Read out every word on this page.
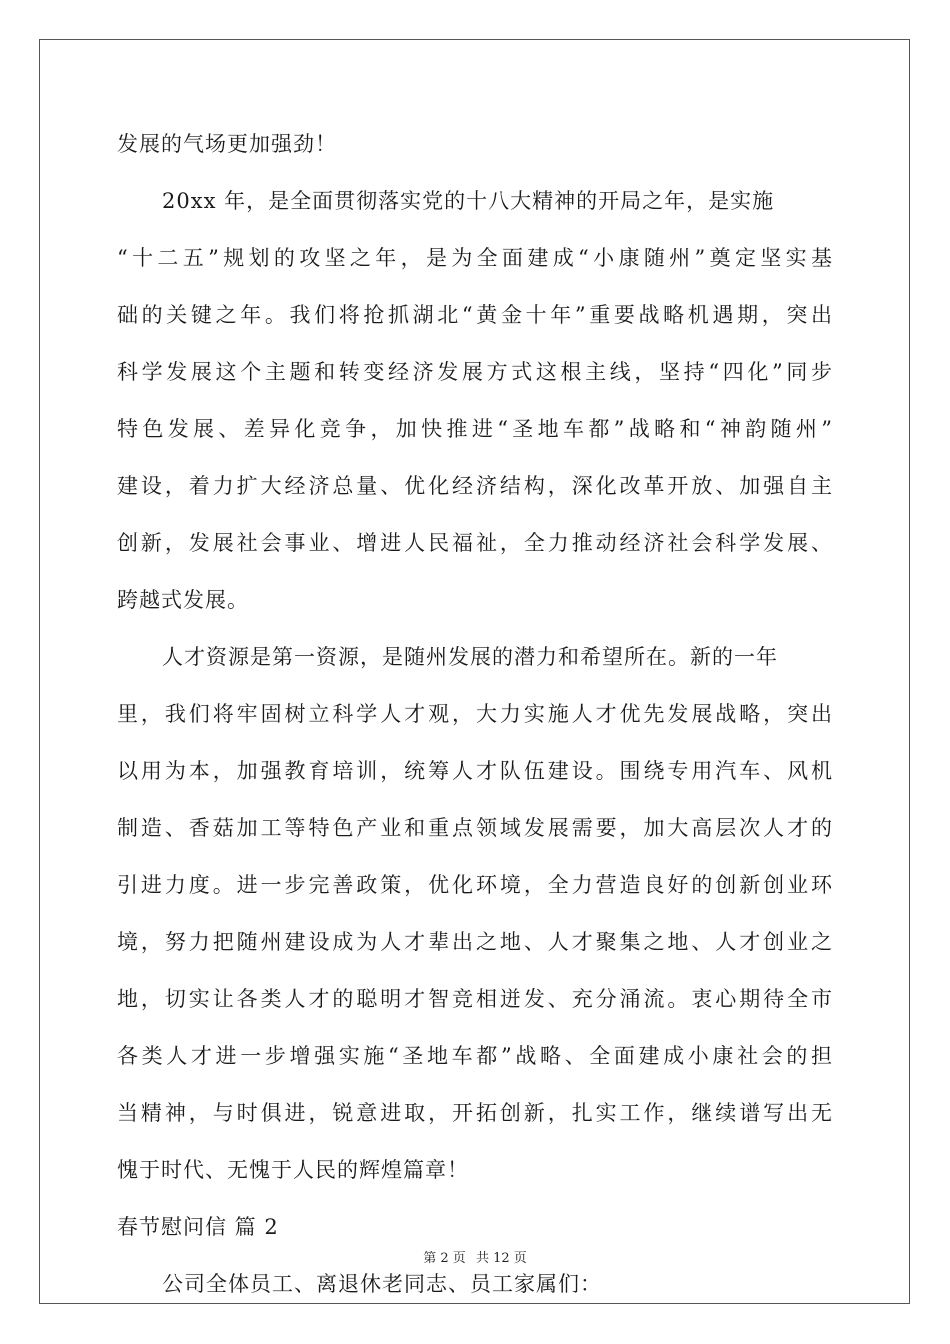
发展的气场更加强劲！
20xx 年，是全面贯彻落实党的十八大精神的开局之年，是实施
“十二五”规划的攻坚之年，是为全面建成“小康随州”奠定坚实基
础的关键之年。我们将抢抓湖北“黄金十年”重要战略机遇期，突出
科学发展这个主题和转变经济发展方式这根主线，坚持“四化”同步
特色发展、差异化竞争，加快推进“圣地车都”战略和“神韵随州”
建设，着力扩大经济总量、优化经济结构，深化改革开放、加强自主
创新，发展社会事业、增进人民福祉，全力推动经济社会科学发展、
跨越式发展。
人才资源是第一资源，是随州发展的潜力和希望所在。新的一年
里，我们将牢固树立科学人才观，大力实施人才优先发展战略，突出
以用为本，加强教育培训，统筹人才队伍建设。围绕专用汽车、风机
制造、香菇加工等特色产业和重点领域发展需要，加大高层次人才的
引进力度。进一步完善政策，优化环境，全力营造良好的创新创业环
境，努力把随州建设成为人才辈出之地、人才聚集之地、人才创业之
地，切实让各类人才的聪明才智竞相迸发、充分涌流。衷心期待全市
各类人才进一步增强实施“圣地车都”战略、全面建成小康社会的担
当精神，与时俱进，锐意进取，开拓创新，扎实工作，继续谱写出无
愧于时代、无愧于人民的辉煌篇章！
春节慰问信 篇 2
公司全体员工、离退休老同志、员工家属们：
第 2 页 共 12 页
